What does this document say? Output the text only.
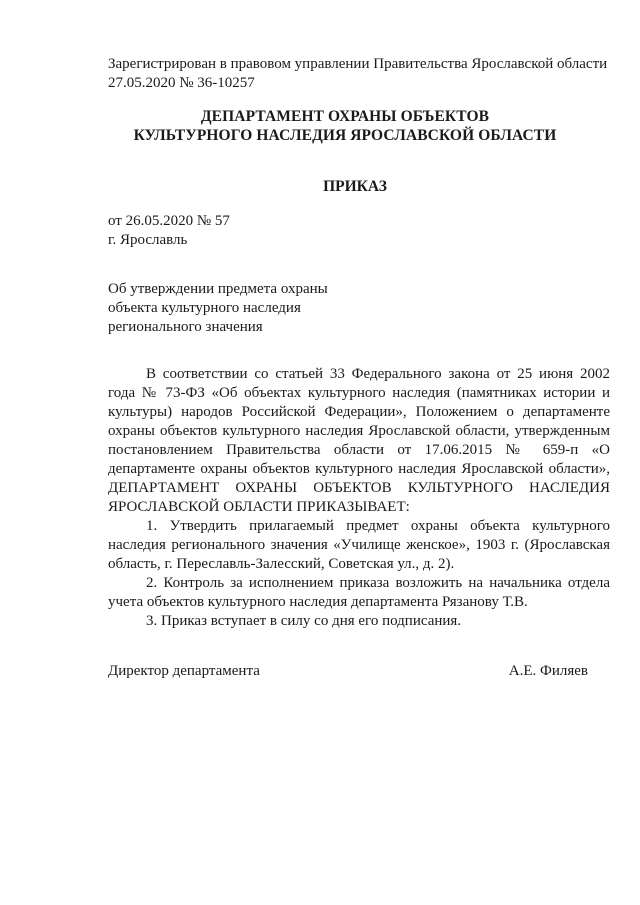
Зарегистрирован в правовом управлении Правительства Ярославской области
27.05.2020 № 36-10257
ДЕПАРТАМЕНТ ОХРАНЫ ОБЪЕКТОВ
КУЛЬТУРНОГО НАСЛЕДИЯ ЯРОСЛАВСКОЙ ОБЛАСТИ
ПРИКАЗ
от 26.05.2020 № 57
г. Ярославль
Об утверждении предмета охраны
объекта культурного наследия
регионального значения

В соответствии со статьей 33 Федерального закона от 25 июня 2002 года № 73-ФЗ «Об объектах культурного наследия (памятниках истории и культуры) народов Российской Федерации», Положением о департаменте охраны объектов культурного наследия Ярославской области, утвержденным постановлением Правительства области от 17.06.2015 № 659-п «О департаменте охраны объектов культурного наследия Ярославской области», ДЕПАРТАМЕНТ ОХРАНЫ ОБЪЕКТОВ КУЛЬТУРНОГО НАСЛЕДИЯ ЯРОСЛАВСКОЙ ОБЛАСТИ ПРИКАЗЫВАЕТ:

1. Утвердить прилагаемый предмет охраны объекта культурного наследия регионального значения «Училище женское», 1903 г. (Ярославская область, г. Переславль-Залесский, Советская ул., д. 2).

2. Контроль за исполнением приказа возложить на начальника отдела учета объектов культурного наследия департамента Рязанову Т.В.

3. Приказ вступает в силу со дня его подписания.

Директор департамента	А.Е. Филяев
